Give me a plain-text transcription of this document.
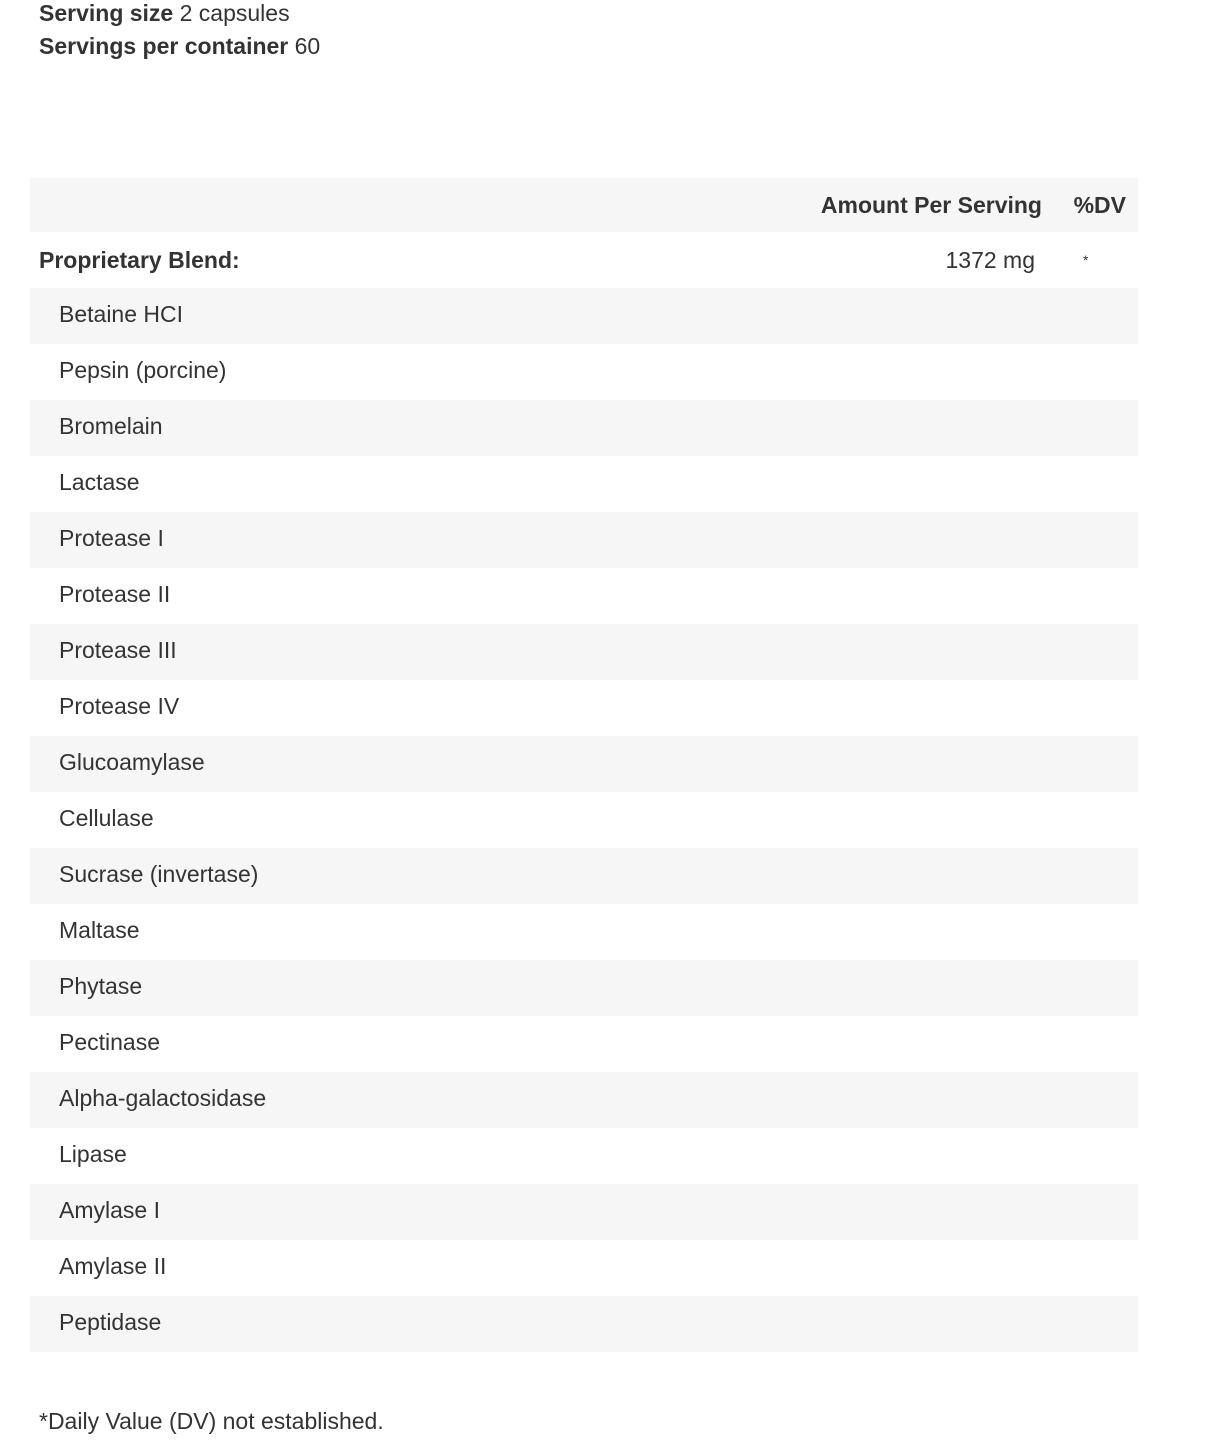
Serving size 2 capsules
Servings per container 60
Amount Per Serving %DV
Proprietary Blend:	1372 mg	*
Betaine HCI
Pepsin (porcine)
Bromelain
Lactase
Protease I
Protease II
Protease III
Protease IV
Glucoamylase
Cellulase
Sucrase (invertase)
Maltase
Phytase
Pectinase
Alpha-galactosidase
Lipase
Amylase I
Amylase II
Peptidase
*Daily Value (DV) not established.
